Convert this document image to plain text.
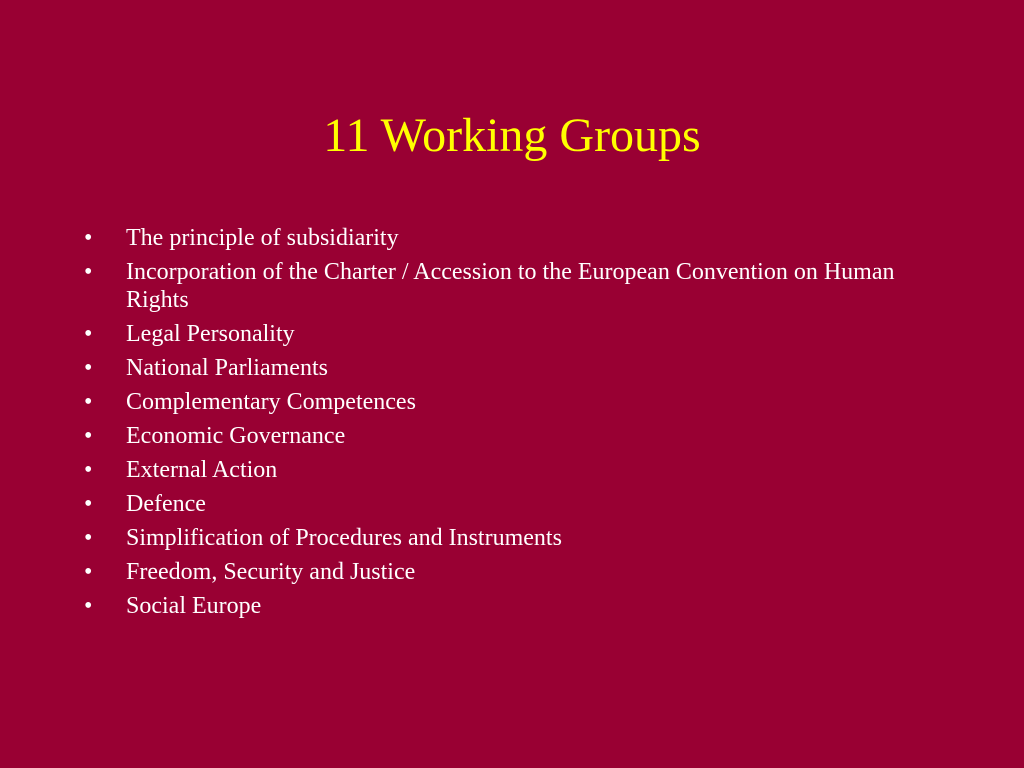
11 Working Groups
•	The principle of subsidiarity
•	Incorporation of the Charter / Accession to the European Convention on Human Rights
•	Legal Personality
•	National Parliaments
•	Complementary Competences
•	Economic Governance
•	External Action
•	Defence
•	Simplification of Procedures and Instruments
•	Freedom, Security and Justice
•	Social Europe
